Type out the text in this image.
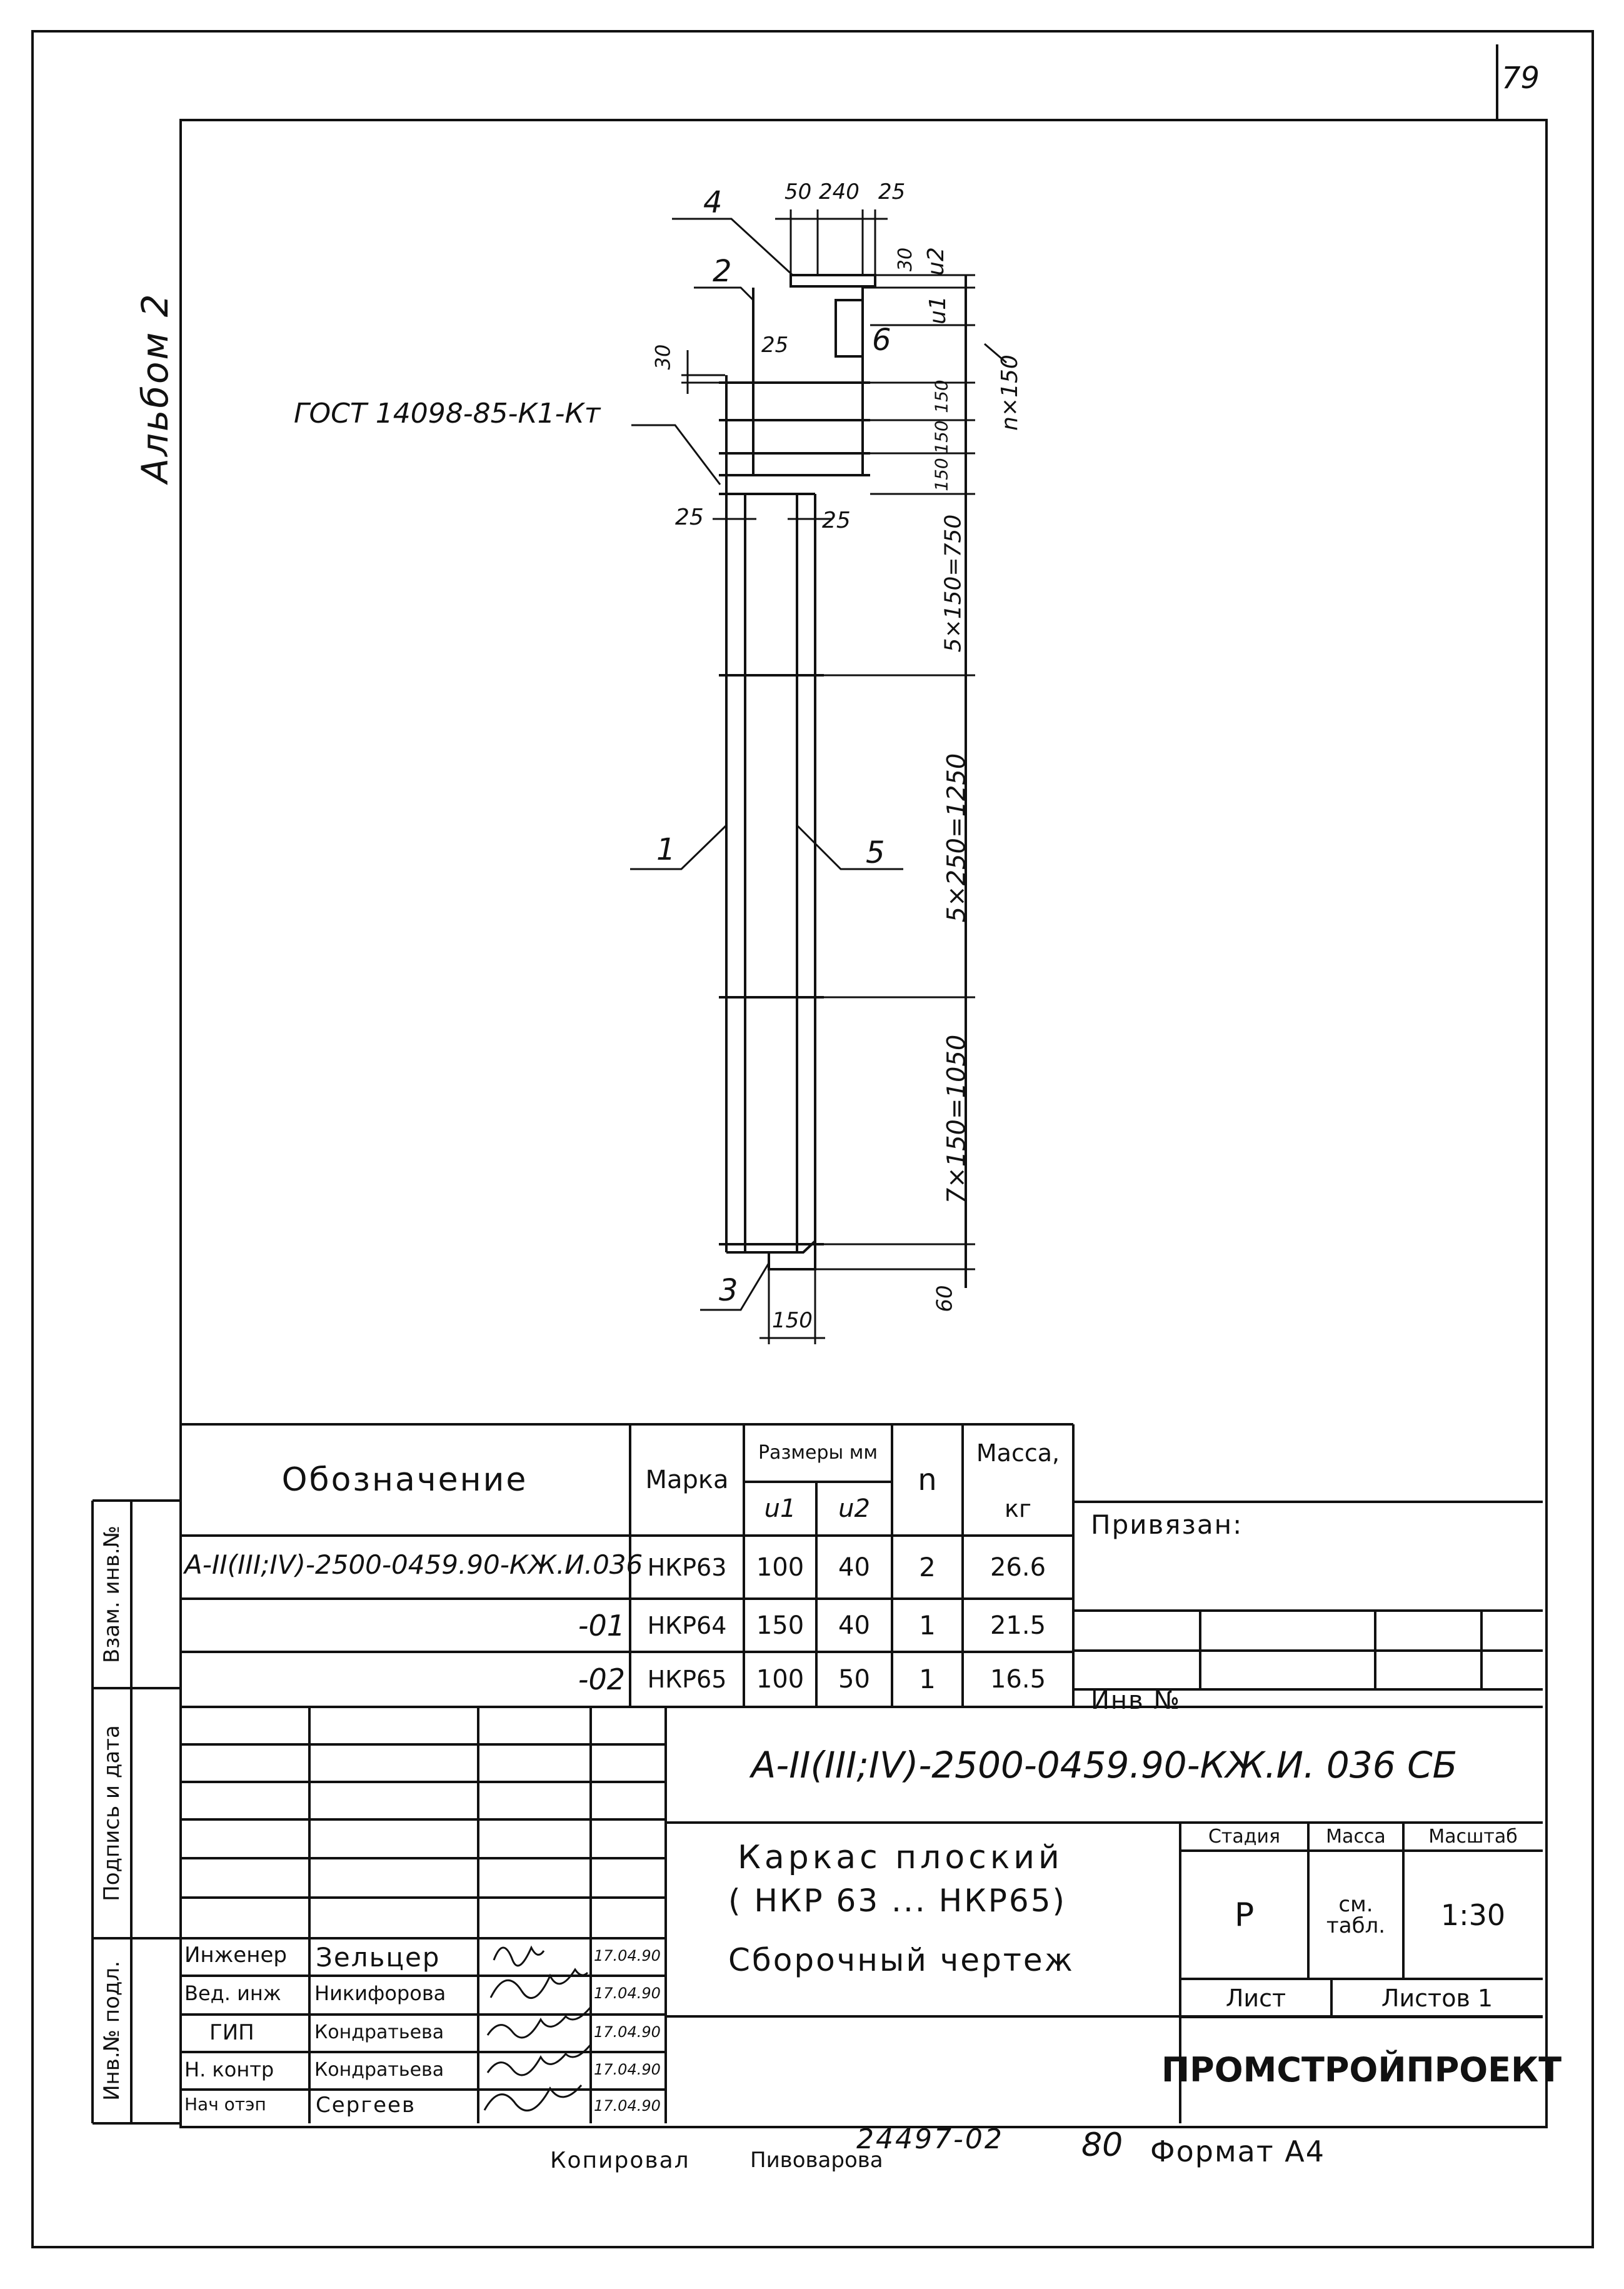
79
Альбом 2	ГОСТ 14098-85-К1-Кт
4
2
6
1	5
3
50 240 25
30 u2
u1
30	25
25	25
n×150
150
150
150
5×150=750
5×250=1250
7×150=1050
60
150
Обозначение	Марка
Размеры мм
u1	u2
n
Масса,
кг
А-II(III;IV)-2500-0459.90-КЖ.И.036 НКР63	100	40	2	26.6
-01 НКР64	150	40	1	21.5
-02 НКР65	100	50	1	16.5
Привязан:
Инв №
Взам. инв.№
Подпись и дата
Инв.№ подл.
А-II(III;IV)-2500-0459.90-КЖ.И. 036 СБ
Каркас плоский
( НКР 63 ... НКР65)
Сборочный чертеж
Стадия	Масса	Масштаб
Р	см. табл.	1:30
Лист	Листов 1
ПРОМСТРОЙПРОЕКТ
Инженер Зельцер	17.04.90
Вед. инж Никифорова	17.04.90
ГИП	Кондратьева	17.04.90
Н. контр Кондратьева	17.04.90
Нач отэп Сергеев	17.04.90
Копировал	Пивоварова
24497-02 80 Формат А4
